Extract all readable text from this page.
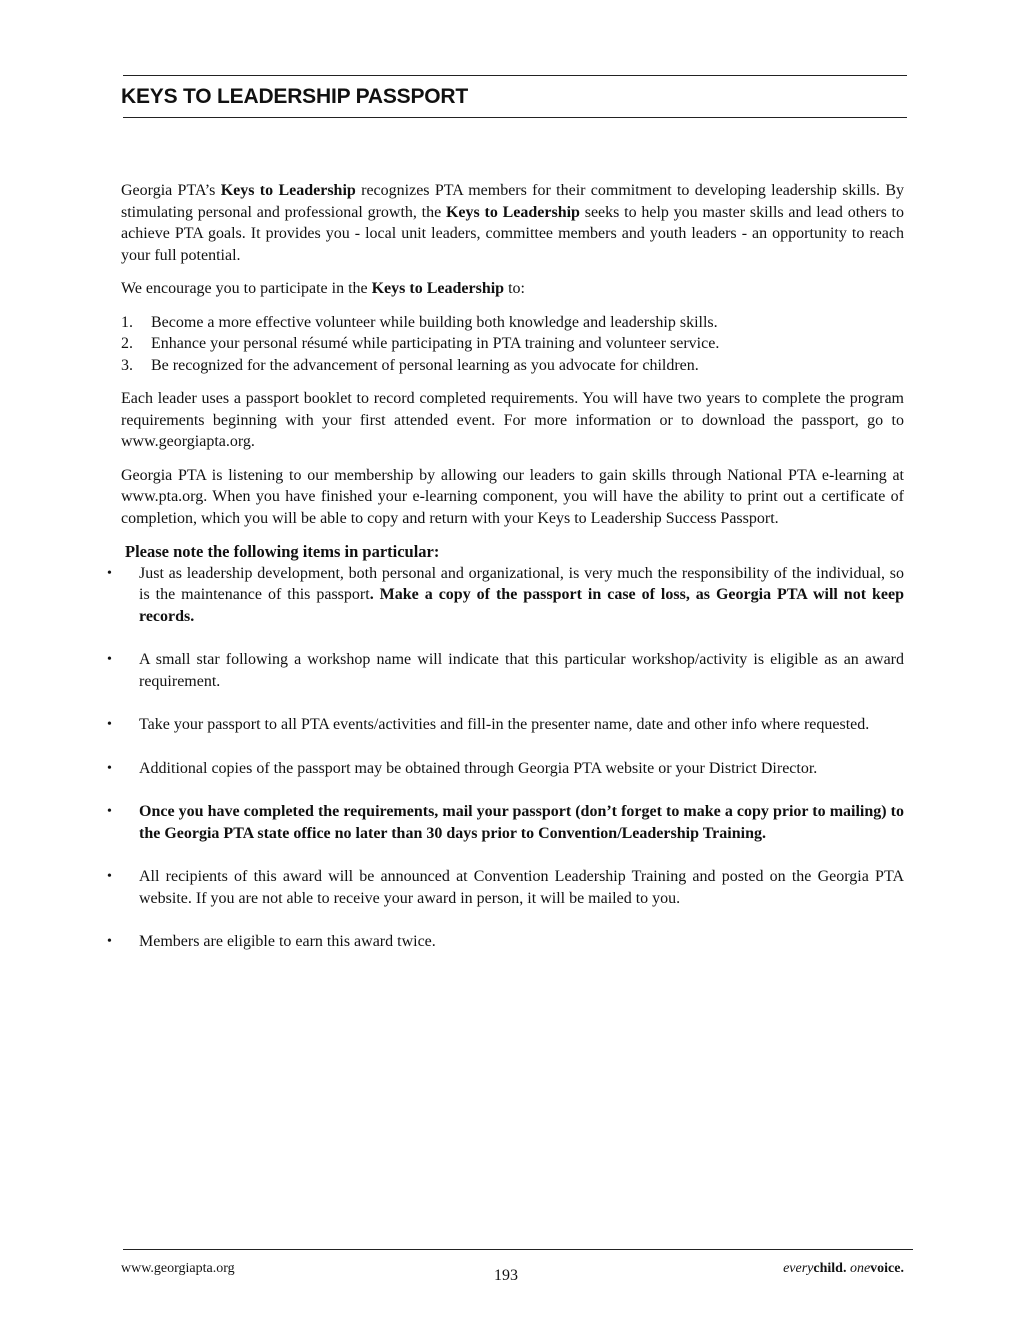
KEYS TO LEADERSHIP PASSPORT

Georgia PTA’s Keys to Leadership recognizes PTA members for their commitment to developing leadership skills. By stimulating personal and professional growth, the Keys to Leadership seeks to help you master skills and lead others to achieve PTA goals. It provides you - local unit leaders, committee members and youth leaders - an opportunity to reach your full potential.

We encourage you to participate in the Keys to Leadership to:

1. Become a more effective volunteer while building both knowledge and leadership skills.
2. Enhance your personal résumé while participating in PTA training and volunteer service.
3. Be recognized for the advancement of personal learning as you advocate for children.

Each leader uses a passport booklet to record completed requirements. You will have two years to complete the program requirements beginning with your first attended event. For more information or to download the passport, go to www.georgiapta.org.

Georgia PTA is listening to our membership by allowing our leaders to gain skills through National PTA e-learning at www.pta.org. When you have finished your e-learning component, you will have the ability to print out a certificate of completion, which you will be able to copy and return with your Keys to Leadership Success Passport.

Please note the following items in particular:
• Just as leadership development, both personal and organizational, is very much the responsibility of the individual, so is the maintenance of this passport. Make a copy of the passport in case of loss, as Georgia PTA will not keep records.
• A small star following a workshop name will indicate that this particular workshop/activity is eligible as an award requirement.
• Take your passport to all PTA events/activities and fill-in the presenter name, date and other info where requested.
• Additional copies of the passport may be obtained through Georgia PTA website or your District Director.
• Once you have completed the requirements, mail your passport (don’t forget to make a copy prior to mailing) to the Georgia PTA state office no later than 30 days prior to Convention/Leadership Training.
• All recipients of this award will be announced at Convention Leadership Training and posted on the Georgia PTA website. If you are not able to receive your award in person, it will be mailed to you.
• Members are eligible to earn this award twice.
www.georgiapta.org	193	everychild. onevoice.
